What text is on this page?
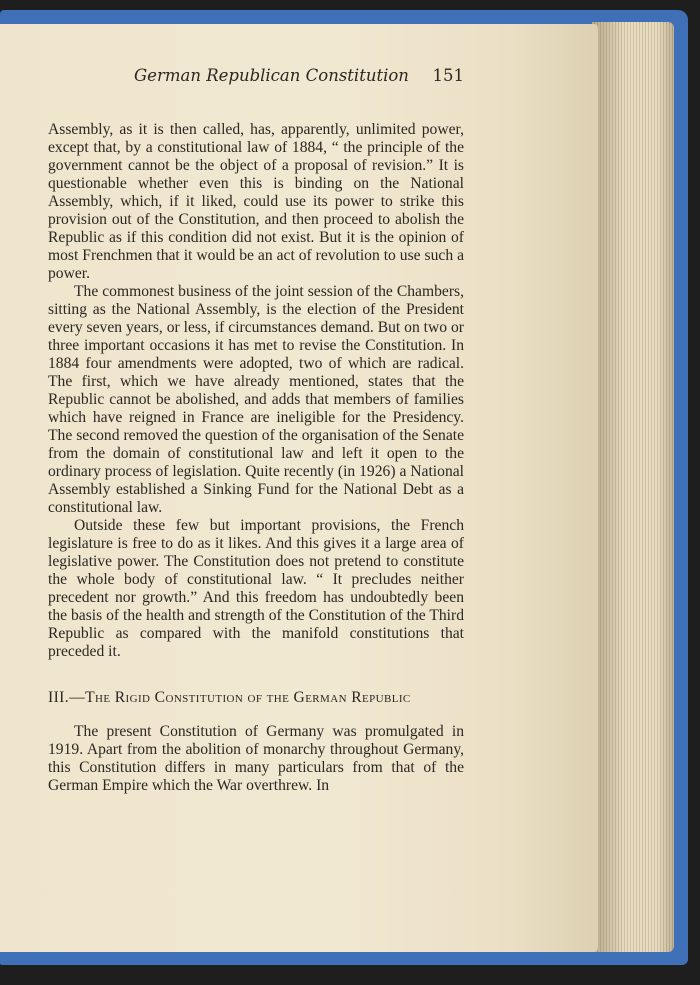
German Republican Constitution 151

Assembly, as it is then called, has, apparently, unlimited power, except that, by a constitutional law of 1884, “ the principle of the government cannot be the object of a proposal of revision.” It is questionable whether even this is binding on the National Assembly, which, if it liked, could use its power to strike this provision out of the Constitution, and then proceed to abolish the Republic as if this condition did not exist. But it is the opinion of most Frenchmen that it would be an act of revolution to use such a power.

The commonest business of the joint session of the Chambers, sitting as the National Assembly, is the election of the President every seven years, or less, if circumstances demand. But on two or three important occasions it has met to revise the Constitution. In 1884 four amendments were adopted, two of which are radical. The first, which we have already mentioned, states that the Republic cannot be abolished, and adds that members of families which have reigned in France are ineligible for the Presidency. The second removed the question of the organisation of the Senate from the domain of constitutional law and left it open to the ordinary process of legislation. Quite recently (in 1926) a National Assembly established a Sinking Fund for the National Debt as a constitutional law.

Outside these few but important provisions, the French legislature is free to do as it likes. And this gives it a large area of legislative power. The Constitution does not pretend to constitute the whole body of constitutional law. “ It precludes neither precedent nor growth.” And this freedom has undoubtedly been the basis of the health and strength of the Constitution of the Third Republic as compared with the manifold constitutions that preceded it.

III.—The Rigid Constitution of the German Republic

The present Constitution of Germany was promulgated in 1919. Apart from the abolition of monarchy throughout Germany, this Constitution differs in many particulars from that of the German Empire which the War overthrew. In
